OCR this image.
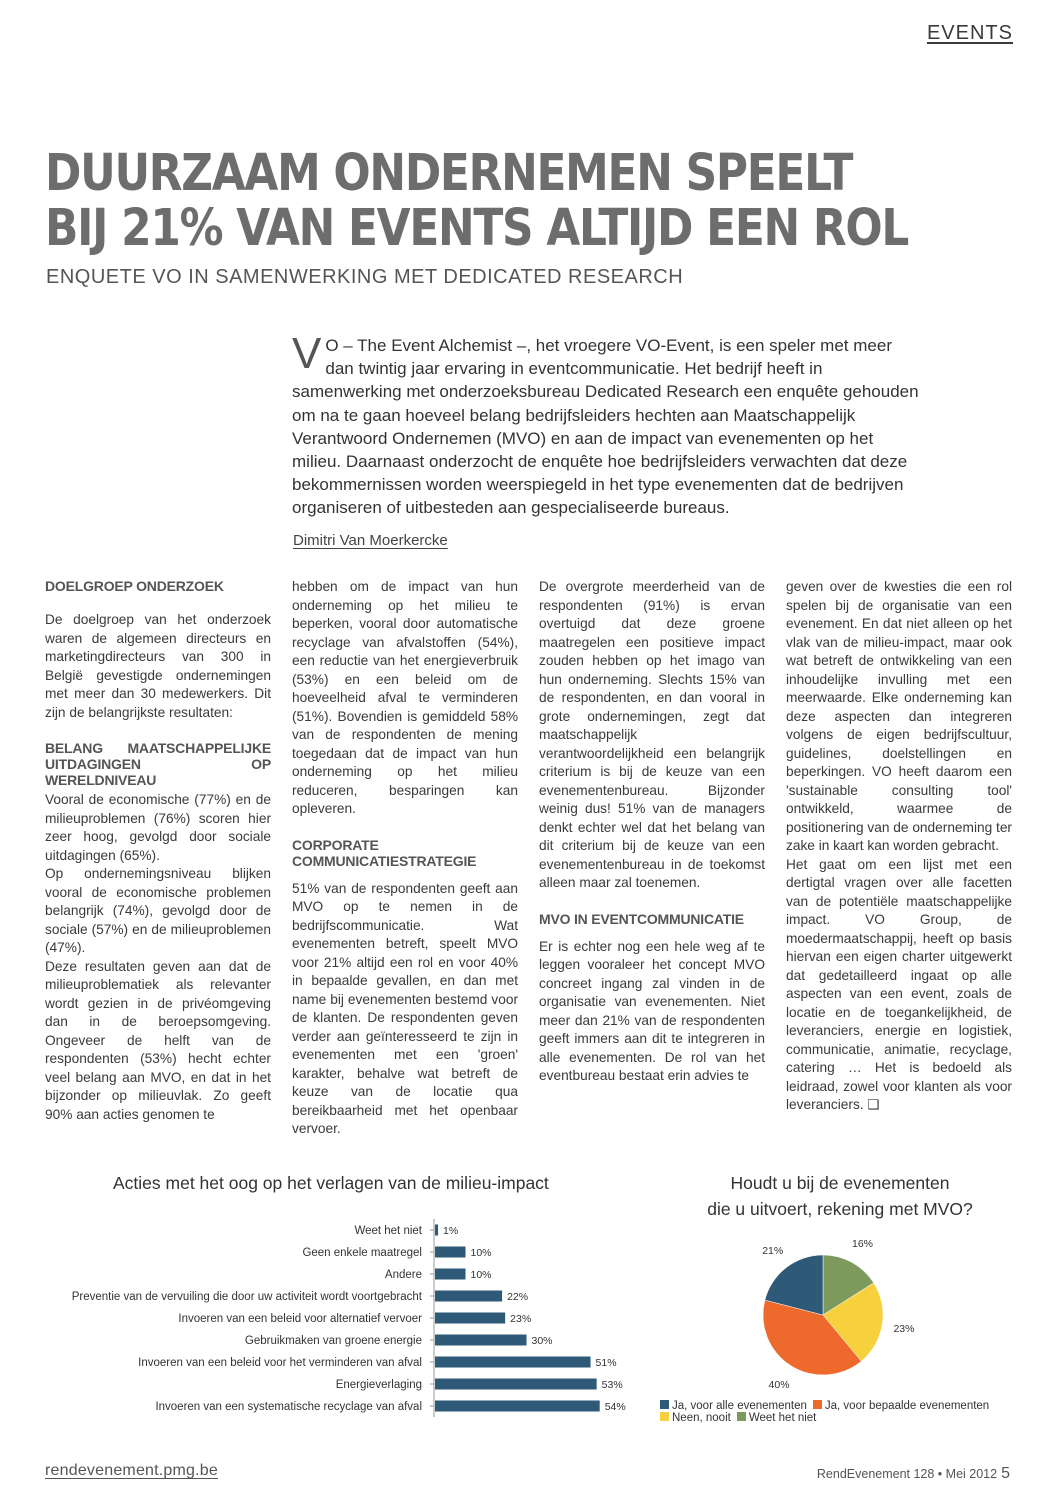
EVENTS
DUURZAAM ONDERNEMEN SPEELT
BIJ 21% VAN EVENTS ALTIJD EEN ROL
ENQUETE VO IN SAMENWERKING MET DEDICATED RESEARCH
V O – The Event Alchemist –, het vroegere VO-Event, is een speler met meer dan twintig jaar ervaring in eventcommunicatie. Het bedrijf heeft in samenwerking met onderzoeksbureau Dedicated Research een enquête gehouden om na te gaan hoeveel belang bedrijfsleiders hechten aan Maatschappelijk Verantwoord Ondernemen (MVO) en aan de impact van evenementen op het milieu. Daarnaast onderzocht de enquête hoe bedrijfsleiders verwachten dat deze bekommernissen worden weerspiegeld in het type evenementen dat de bedrijven organiseren of uitbesteden aan gespecialiseerde bureaus.
Dimitri Van Moerkercke
DOELGROEP ONDERZOEK

De doelgroep van het onderzoek waren de algemeen directeurs en marketingdirecteurs van 300 in België gevestigde ondernemingen met meer dan 30 medewerkers. Dit zijn de belangrijkste resultaten:

BELANG MAATSCHAPPELIJKE UITDAGINGEN OP WERELDNIVEAU

Vooral de economische (77%) en de milieuproblemen (76%) scoren hier zeer hoog, gevolgd door sociale uitdagingen (65%).

Op ondernemingsniveau blijken vooral de economische problemen belangrijk (74%), gevolgd door de sociale (57%) en de milieuproblemen (47%).

Deze resultaten geven aan dat de milieuproblematiek als relevanter wordt gezien in de privéomgeving dan in de beroepsomgeving. Ongeveer de helft van de respondenten (53%) hecht echter veel belang aan MVO, en dat in het bijzonder op milieuvlak. Zo geeft 90% aan acties genomen te

hebben om de impact van hun onderneming op het milieu te beperken, vooral door automatische recyclage van afvalstoffen (54%), een reductie van het energieverbruik (53%) en een beleid om de hoeveelheid afval te verminderen (51%). Bovendien is gemiddeld 58% van de respondenten de mening toegedaan dat de impact van hun onderneming op het milieu reduceren, besparingen kan opleveren.

CORPORATE COMMUNICATIESTRATEGIE

51% van de respondenten geeft aan MVO op te nemen in de bedrijfscommunicatie. Wat evenementen betreft, speelt MVO voor 21% altijd een rol en voor 40% in bepaalde gevallen, en dan met name bij evenementen bestemd voor de klanten. De respondenten geven verder aan geïnteresseerd te zijn in evenementen met een 'groen' karakter, behalve wat betreft de keuze van de locatie qua bereikbaarheid met het openbaar vervoer.

De overgrote meerderheid van de respondenten (91%) is ervan overtuigd dat deze groene maatregelen een positieve impact zouden hebben op het imago van hun onderneming. Slechts 15% van de respondenten, en dan vooral in grote ondernemingen, zegt dat maatschappelijk verantwoordelijkheid een belangrijk criterium is bij de keuze van een evenementenbureau. Bijzonder weinig dus! 51% van de managers denkt echter wel dat het belang van dit criterium bij de keuze van een evenementenbureau in de toekomst alleen maar zal toenemen.

MVO IN EVENTCOMMUNICATIE

Er is echter nog een hele weg af te leggen vooraleer het concept MVO concreet ingang zal vinden in de organisatie van evenementen. Niet meer dan 21% van de respondenten geeft immers aan dit te integreren in alle evenementen. De rol van het eventbureau bestaat erin advies te

geven over de kwesties die een rol spelen bij de organisatie van een evenement. En dat niet alleen op het vlak van de milieu-impact, maar ook wat betreft de ontwikkeling van een inhoudelijke invulling met een meerwaarde. Elke onderneming kan deze aspecten dan integreren volgens de eigen bedrijfscultuur, guidelines, doelstellingen en beperkingen. VO heeft daarom een 'sustainable consulting tool' ontwikkeld, waarmee de positionering van de onderneming ter zake in kaart kan worden gebracht.

Het gaat om een lijst met een dertigtal vragen over alle facetten van de potentiële maatschappelijke impact. VO Group, de moedermaatschappij, heeft op basis hiervan een eigen charter uitgewerkt dat gedetailleerd ingaat op alle aspecten van een event, zoals de locatie en de toegankelijkheid, de leveranciers, energie en logistiek, communicatie, animatie, recyclage, catering … Het is bedoeld als leidraad, zowel voor klanten als voor leveranciers. ❑

Acties met het oog op het verlagen van de milieu-impact
Weet het niet 1%
Geen enkele maatregel	10%
Andere	10%
Preventie van de vervuiling die door uw activiteit wordt voortgebracht	22%
Invoeren van een beleid voor alternatief vervoer	23%
Gebruikmaken van groene energie	30%
Invoeren van een beleid voor het verminderen van afval	51%
Energieverlaging	53%
Invoeren van een systematische recyclage van afval	54%
Houdt u bij de evenementen
die u uitvoert, rekening met MVO?
16%
23%
40%
21%
Ja, voor alle evenementen Ja, voor bepaalde evenementenNeen, nooit Weet het niet
rendevenement.pmg.be	RendEvenement 128 • Mei 2012 5
